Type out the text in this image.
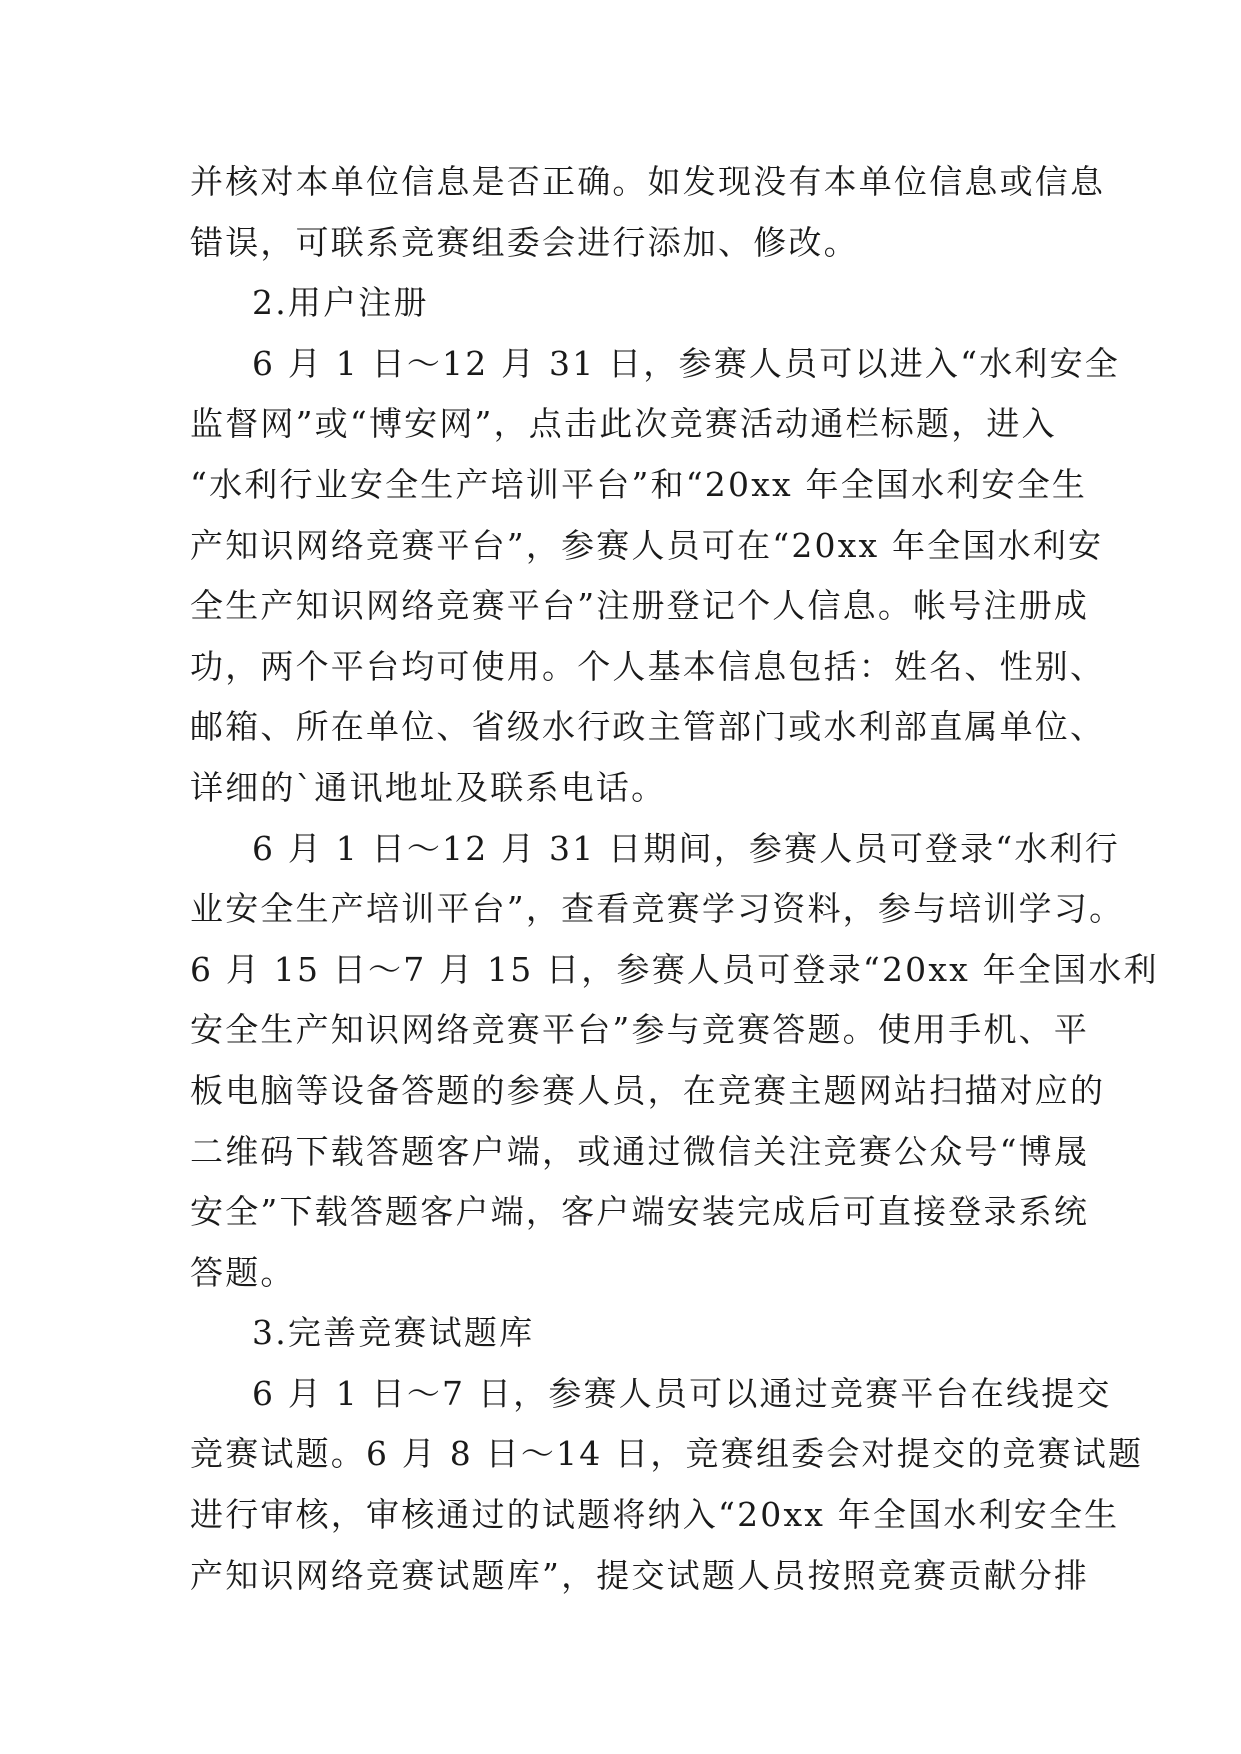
并核对本单位信息是否正确。如发现没有本单位信息或信息
错误，可联系竞赛组委会进行添加、修改。
2.用户注册
6 月 1 日～12 月 31 日，参赛人员可以进入“水利安全
监督网”或“博安网”，点击此次竞赛活动通栏标题，进入
“水利行业安全生产培训平台”和“20xx 年全国水利安全生
产知识网络竞赛平台”，参赛人员可在“20xx 年全国水利安
全生产知识网络竞赛平台”注册登记个人信息。帐号注册成
功，两个平台均可使用。个人基本信息包括：姓名、性别、
邮箱、所在单位、省级水行政主管部门或水利部直属单位、
详细的`通讯地址及联系电话。
6 月 1 日～12 月 31 日期间，参赛人员可登录“水利行
业安全生产培训平台”，查看竞赛学习资料，参与培训学习。
6 月 15 日～7 月 15 日，参赛人员可登录“20xx 年全国水利
安全生产知识网络竞赛平台”参与竞赛答题。使用手机、平
板电脑等设备答题的参赛人员，在竞赛主题网站扫描对应的
二维码下载答题客户端，或通过微信关注竞赛公众号“博晟
安全”下载答题客户端，客户端安装完成后可直接登录系统
答题。
3.完善竞赛试题库
6 月 1 日～7 日，参赛人员可以通过竞赛平台在线提交
竞赛试题。6 月 8 日～14 日，竞赛组委会对提交的竞赛试题
进行审核，审核通过的试题将纳入“20xx 年全国水利安全生
产知识网络竞赛试题库”，提交试题人员按照竞赛贡献分排
